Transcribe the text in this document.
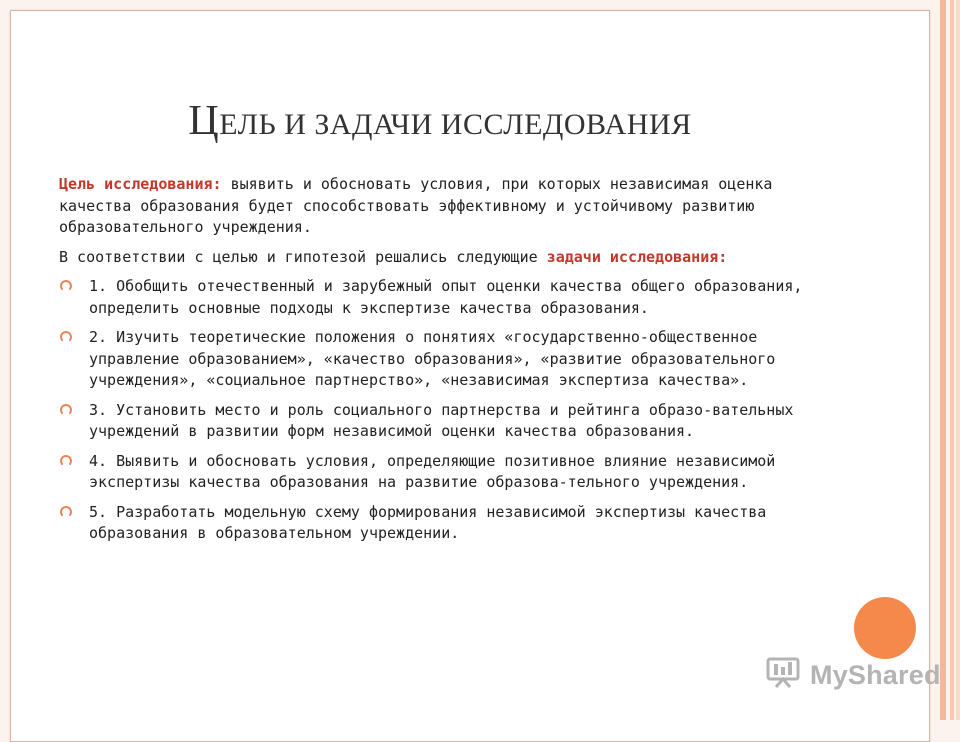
ЦЕЛЬ И ЗАДАЧИ ИССЛЕДОВАНИЯ

Цель исследования: выявить и обосновать условия, при которых независимая оценка качества образования будет способствовать эффективному и устойчивому развитию образовательного учреждения.

В соответствии с целью и гипотезой решались следующие задачи исследования:

1. Обобщить отечественный и зарубежный опыт оценки качества общего образования, определить основные подходы к экспертизе качества образования.
2. Изучить теоретические положения о понятиях «государственно-общественное управление образованием», «качество образования», «развитие образовательного учреждения», «социальное партнерство», «независимая экспертиза качества».
3. Установить место и роль социального партнерства и рейтинга образо-вательных учреждений в развитии форм независимой оценки качества образования.
4. Выявить и обосновать условия, определяющие позитивное влияние независимой экспертизы качества образования на развитие образова-тельного учреждения.
5. Разработать модельную схему формирования независимой экспертизы качества образования в образовательном учреждении.
MyShared
